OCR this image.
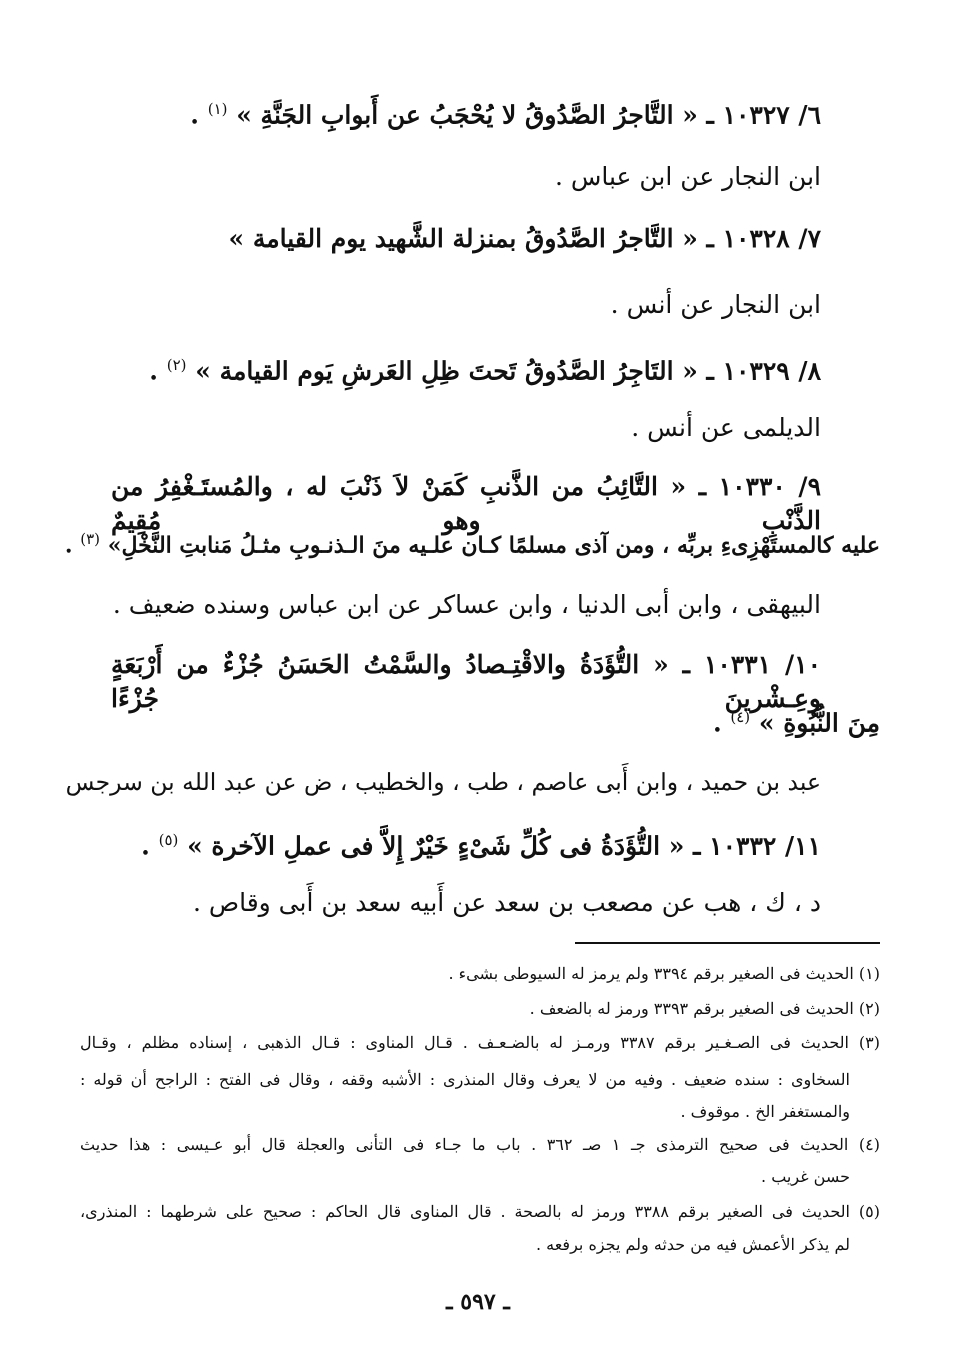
٦/ ١٠٣٢٧ ـ « التَّاجرُ الصَّدُوقُ لا يُحْجَبُ عن أَبوابِ الجَنَّةِ » $^{(١)}$ .
ابن النجار عن ابن عباس .
٧/ ١٠٣٢٨ ـ « التَّاجرُ الصَّدُوقُ بمنزلة الشَّهيد يوم القيامة »
ابن النجار عن أنس .
٨/ ١٠٣٢٩ ـ « التَاجِرُ الصَّدُوقُ تَحتَ ظِلِ العَرشِ يَوم القيامة » $^{(٢)}$ .
الديلمى عن أنس .
٩/ ١٠٣٣٠ ـ « التَّائِبُ من الذَّنبِ كَمَنْ لاَ ذَنْبَ له ، والمُستَـغْفِرُ من الذَّنْبِ وهو مُقِيمٌ
عليه كالمستَهْزِىءِ بربِّه ، ومن آذى مسلمًا كـان علـيه منَ الـذنـوبِ مثـلُ مَنابتِ النَّخْلِ» $^{(٣)}$ .
البيهقى ، وابن أبى الدنيا ، وابن عساكر عن ابن عباس وسنده ضعيف .
١٠/ ١٠٣٣١ ـ « التُّؤَدَةُ والاقْتِـصادُ والسَّمْتُ الحَسَنُ جُزْءٌ من أَرْبَعَةٍ وعِـشْرينَ جُزْءًا
مِنَ النُّبُوةِ » $^{(٤)}$ .
عبد بن حميد ، وابن أَبى عاصم ، طب ، والخطيب ، ض عن عبد الله بن سرجس
١١/ ١٠٣٣٢ ـ « التُّؤَدَةُ فى كُلِّ شَىْءٍ خَيْرٌ إِلاَّ فى عملِ الآخرة » $^{(٥)}$ .
د ، ك ، هب عن مصعب بن سعد عن أَبيه سعد بن أَبى وقاص .
(١) الحديث فى الصغير برقم ٣٣٩٤ ولم يرمز له السيوطى بشىء .
(٢) الحديث فى الصغير برقم ٣٣٩٣ ورمز له بالضعف .
(٣) الحديث فى الصـغـير برقم ٣٣٨٧ ورمـز له بالضـعـف . قـال المناوى : قـال الذهبى ، إسناده مظلم ، وقـال
السخاوى : سنده ضعيف . وفيه من لا يعرف وقال المنذرى : الأشبه وقفه ، وقال فى الفتح : الراجح أن قوله :
والمستغفر الخ . موقوف .
(٤) الحديث فى صحيح الترمذى جـ ١ صـ ٣٦٢ . باب ما جـاء فى التأنى والعجلة قال أبو عـيسى : هذا حديث
حسن غريب .
(٥) الحديث فى الصغير برقم ٣٣٨٨ ورمز له بالصحة . قال المناوى قال الحاكم : صحيح على شرطهما : المنذرى،
لم يذكر الأعمش فيه من حدثه ولم يجزه برفعه .
ـ ٥٩٧ ـ
